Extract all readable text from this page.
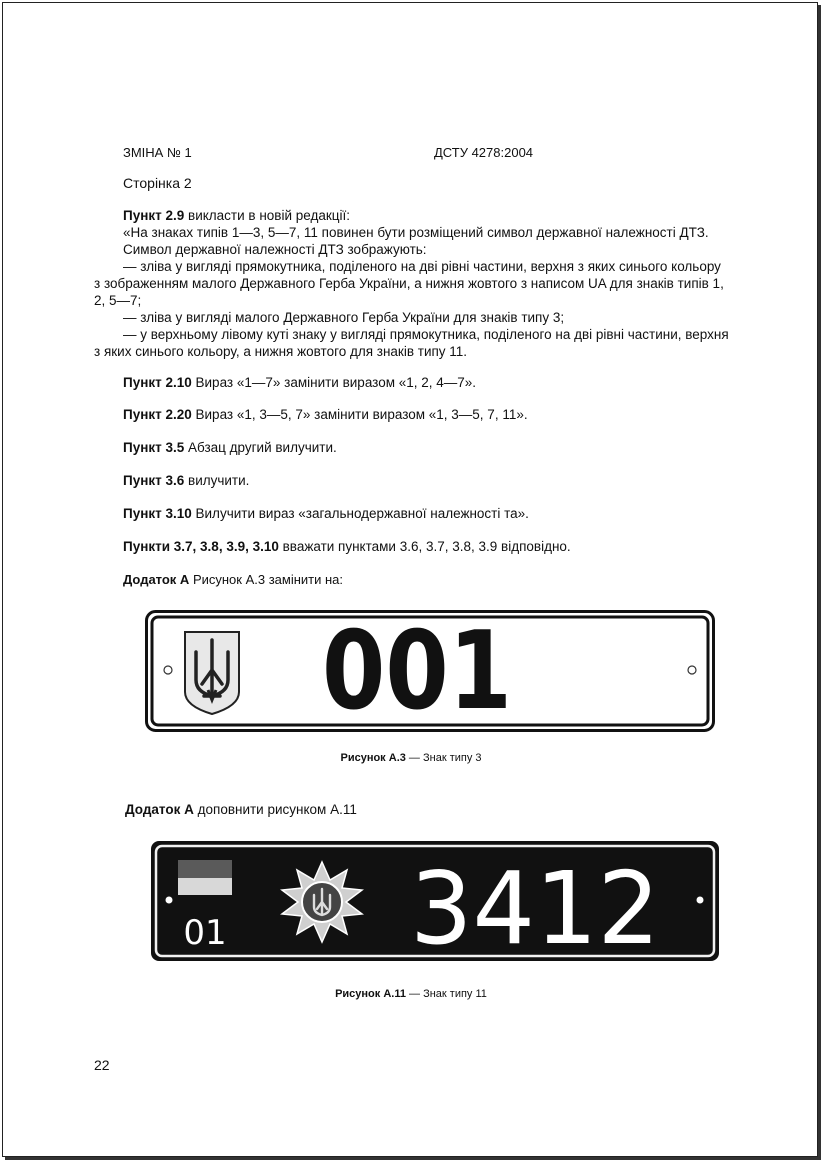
ЗМІНА № 1	ДСТУ 4278:2004
Сторінка 2
Пункт 2.9 викласти в новій редакції:
«На знаках типів 1—3, 5—7, 11 повинен бути розміщений символ державної належності ДТЗ.
Символ державної належності ДТЗ зображують:
— зліва у вигляді прямокутника, поділеного на дві рівні частини, верхня з яких синього кольору
з зображенням малого Державного Герба України, а нижня жовтого з написом UA для знаків типів 1,
2, 5—7;
— зліва у вигляді малого Державного Герба України для знаків типу 3;
— у верхньому лівому куті знаку у вигляді прямокутника, поділеного на дві рівні частини, верхня
з яких синього кольору, а нижня жовтого для знаків типу 11.
Пункт 2.10 Вираз «1—7» замінити виразом «1, 2, 4—7».
Пункт 2.20 Вираз «1, 3—5, 7» замінити виразом «1, 3—5, 7, 11».
Пункт 3.5 Абзац другий вилучити.
Пункт 3.6 вилучити.
Пункт 3.10 Вилучити вираз «загальнодержавної належності та».
Пункти 3.7, 3.8, 3.9, 3.10 вважати пунктами 3.6, 3.7, 3.8, 3.9 відповідно.
Додаток А Рисунок А.3 замінити на:
001
Рисунок А.3 — Знак типу 3
Додаток А доповнити рисунком А.11
01 3412
Рисунок А.11 — Знак типу 11
22
